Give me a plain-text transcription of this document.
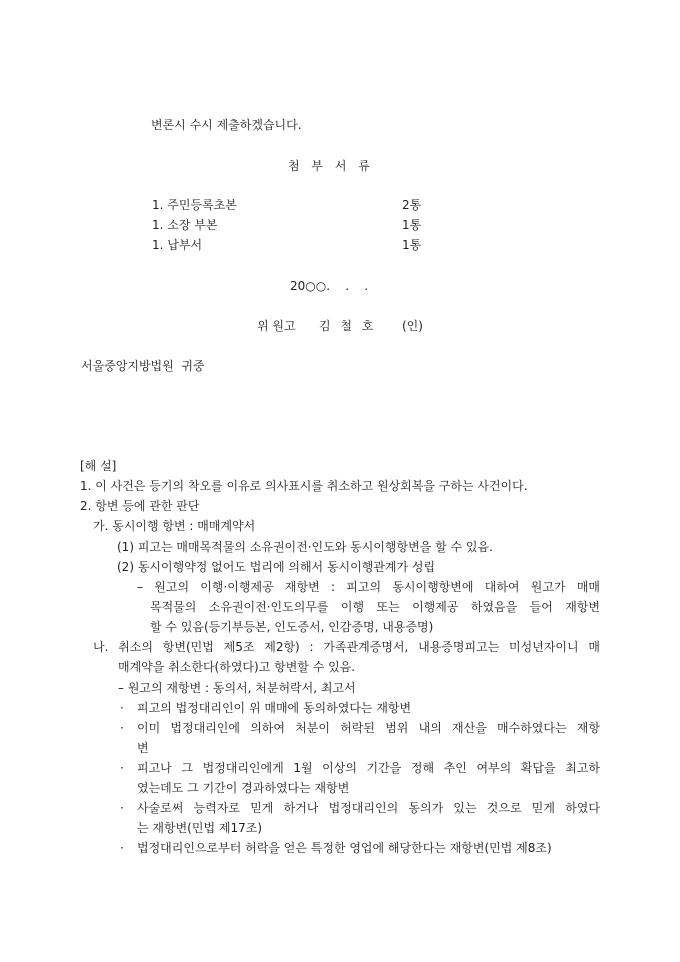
변론시 수시 제출하겠습니다.
첨 부 서 류
1. 주민등록초본	2통
1. 소장 부본	1통
1. 납부서	1통
20○○.    .    .
위 원고 김 철 호 (인)
서울중앙지방법원  귀중
[해 설]
1. 이 사건은 등기의 착오를 이유로 의사표시를 취소하고 원상회복을 구하는 사건이다.
2. 항변 등에 관한 판단
가. 동시이행 항변 : 매매계약서
(1) 피고는 매매목적물의 소유권이전·인도와 동시이행항변을 할 수 있음.
(2) 동시이행약정 없어도 법리에 의해서 동시이행관계가 성립
– 원고의 이행·이행제공 재항변 : 피고의 동시이행항변에 대하여 원고가 매매
목적물의 소유권이전·인도의무를 이행 또는 이행제공 하였음을 들어 재항변
할 수 있음(등기부등본, 인도증서, 인감증명, 내용증명)
나. 취소의 항변(민법 제5조 제2항) : 가족관계증명서, 내용증명피고는 미성년자이니 매
매계약을 취소한다(하였다)고 항변할 수 있음.
– 원고의 재항변 : 동의서, 처분허락서, 최고서
· 피고의 법정대리인이 위 매매에 동의하였다는 재항변
· 이미 법정대리인에 의하여 처분이 허락된 범위 내의 재산을 매수하였다는 재항
변
· 피고나 그 법정대리인에게 1월 이상의 기간을 정해 추인 여부의 확답을 최고하
였는데도 그 기간이 경과하였다는 재항변
· 사술로써 능력자로 믿게 하거나 법정대리인의 동의가 있는 것으로 믿게 하였다
는 재항변(민법 제17조)
· 법정대리인으로부터 허락을 얻은 특정한 영업에 해당한다는 재항변(민법 제8조)
